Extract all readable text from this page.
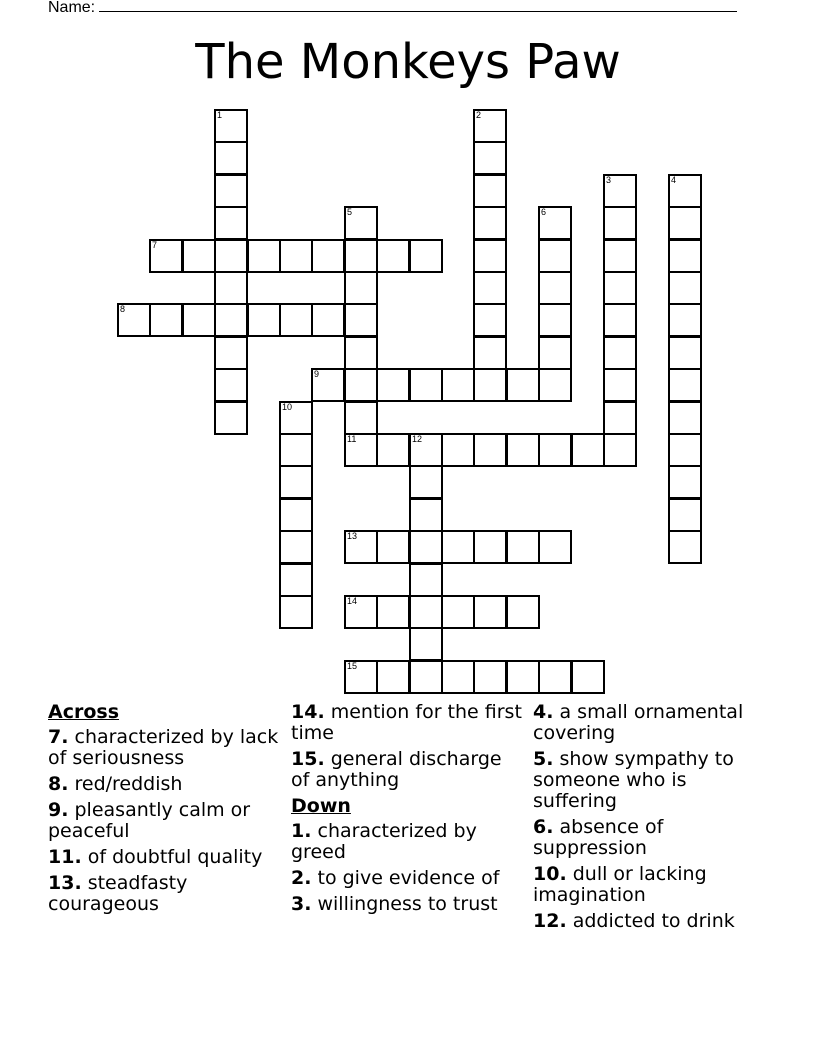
Name:
The Monkeys Paw
1	2
3	4
5
11
6
7
8
9
10
12
13
14
15
Across
7. characterized by lack of seriousness
8. red/reddish
9. pleasantly calm or peaceful
11. of doubtful quality
13. steadfasty courageous
14. mention for the first time
15. general discharge of anything
Down
1. characterized by greed
2. to give evidence of
3. willingness to trust
4. a small ornamental covering
5. show sympathy to someone who is suffering
6. absence of suppression
10. dull or lacking imagination
12. addicted to drink
